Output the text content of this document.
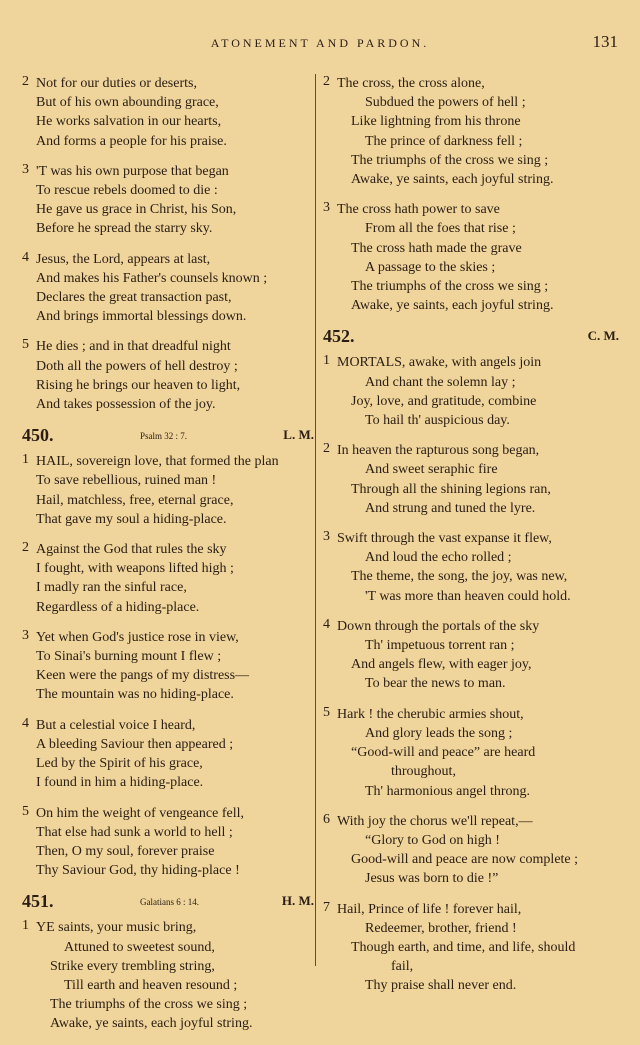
ATONEMENT AND PARDON.	131
2 Not for our duties or deserts,
But of his own abounding grace,
He works salvation in our hearts,
And forms a people for his praise.
3 'T was his own purpose that began
To rescue rebels doomed to die :
He gave us grace in Christ, his Son,
Before he spread the starry sky.
4 Jesus, the Lord, appears at last,
And makes his Father's counsels known ;
Declares the great transaction past,
And brings immortal blessings down.
5 He dies ; and in that dreadful night
Doth all the powers of hell destroy ;
Rising he brings our heaven to light,
And takes possession of the joy.
450.	Psalm 32 : 7.	L. M.
1 HAIL, sovereign love, that formed the plan
To save rebellious, ruined man !
Hail, matchless, free, eternal grace,
That gave my soul a hiding-place.
2 Against the God that rules the sky
I fought, with weapons lifted high ;
I madly ran the sinful race,
Regardless of a hiding-place.
3 Yet when God's justice rose in view,
To Sinai's burning mount I flew ;
Keen were the pangs of my distress—
The mountain was no hiding-place.
4 But a celestial voice I heard,
A bleeding Saviour then appeared ;
Led by the Spirit of his grace,
I found in him a hiding-place.
5 On him the weight of vengeance fell,
That else had sunk a world to hell ;
Then, O my soul, forever praise
Thy Saviour God, thy hiding-place !
451.	Galatians 6 : 14.	H. M.
1 YE saints, your music bring,
Attuned to sweetest sound,
Strike every trembling string,
Till earth and heaven resound ;
The triumphs of the cross we sing ;
Awake, ye saints, each joyful string.
2 The cross, the cross alone,
Subdued the powers of hell ;
Like lightning from his throne
The prince of darkness fell ;
The triumphs of the cross we sing ;
Awake, ye saints, each joyful string.
3 The cross hath power to save
From all the foes that rise ;
The cross hath made the grave
A passage to the skies ;
The triumphs of the cross we sing ;
Awake, ye saints, each joyful string.
452.	C. M.
1 MORTALS, awake, with angels join
And chant the solemn lay ;
Joy, love, and gratitude, combine
To hail th' auspicious day.
2 In heaven the rapturous song began,
And sweet seraphic fire
Through all the shining legions ran,
And strung and tuned the lyre.
3 Swift through the vast expanse it flew,
And loud the echo rolled ;
The theme, the song, the joy, was new,
'T was more than heaven could hold.
4 Down through the portals of the sky
Th' impetuous torrent ran ;
And angels flew, with eager joy,
To bear the news to man.
5 Hark ! the cherubic armies shout,
And glory leads the song ;
“Good-will and peace” are heard
throughout,
Th' harmonious angel throng.
6 With joy the chorus we'll repeat,—
“Glory to God on high !
Good-will and peace are now complete ;
Jesus was born to die !”
7 Hail, Prince of life ! forever hail,
Redeemer, brother, friend !
Though earth, and time, and life, should
fail,
Thy praise shall never end.
